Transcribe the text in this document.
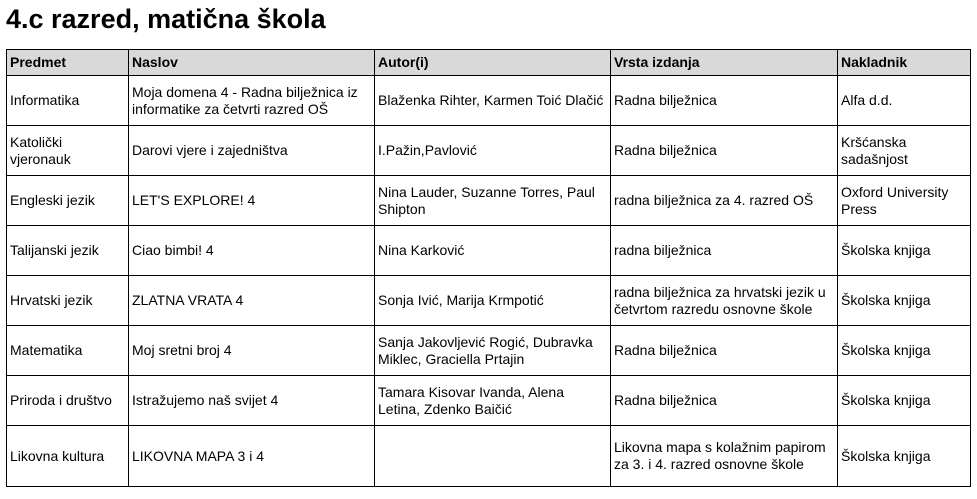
4.c razred, matična škola
Predmet	Naslov	Autor(i)	Vrsta izdanja	Nakladnik
Informatika	Moja domena 4 - Radna bilježnica iz informatike za četvrti razred OŠ	Blaženka Rihter, Karmen Toić Dlačić	Radna bilježnica	Alfa d.d.
Katolički vjeronauk	Darovi vjere i zajedništva	I.Pažin,Pavlović	Radna bilježnica	Kršćanska sadašnjost
Engleski jezik	LET'S EXPLORE! 4	Nina Lauder, Suzanne Torres, Paul Shipton	radna bilježnica za 4. razred OŠ	Oxford University Press
Talijanski jezik	Ciao bimbi! 4	Nina Karković	radna bilježnica	Školska knjiga
Hrvatski jezik	ZLATNA VRATA 4	Sonja Ivić, Marija Krmpotić	radna bilježnica za hrvatski jezik u četvrtom razredu osnovne škole	Školska knjiga
Matematika	Moj sretni broj 4	Sanja Jakovljević Rogić, Dubravka Miklec, Graciella Prtajin	Radna bilježnica	Školska knjiga
Priroda i društvo	Istražujemo naš svijet 4	Tamara Kisovar Ivanda, Alena Letina, Zdenko Baičić	Radna bilježnica	Školska knjiga
Likovna kultura	LIKOVNA MAPA 3 i 4		Likovna mapa s kolažnim papirom za 3. i 4. razred osnovne škole	Školska knjiga
